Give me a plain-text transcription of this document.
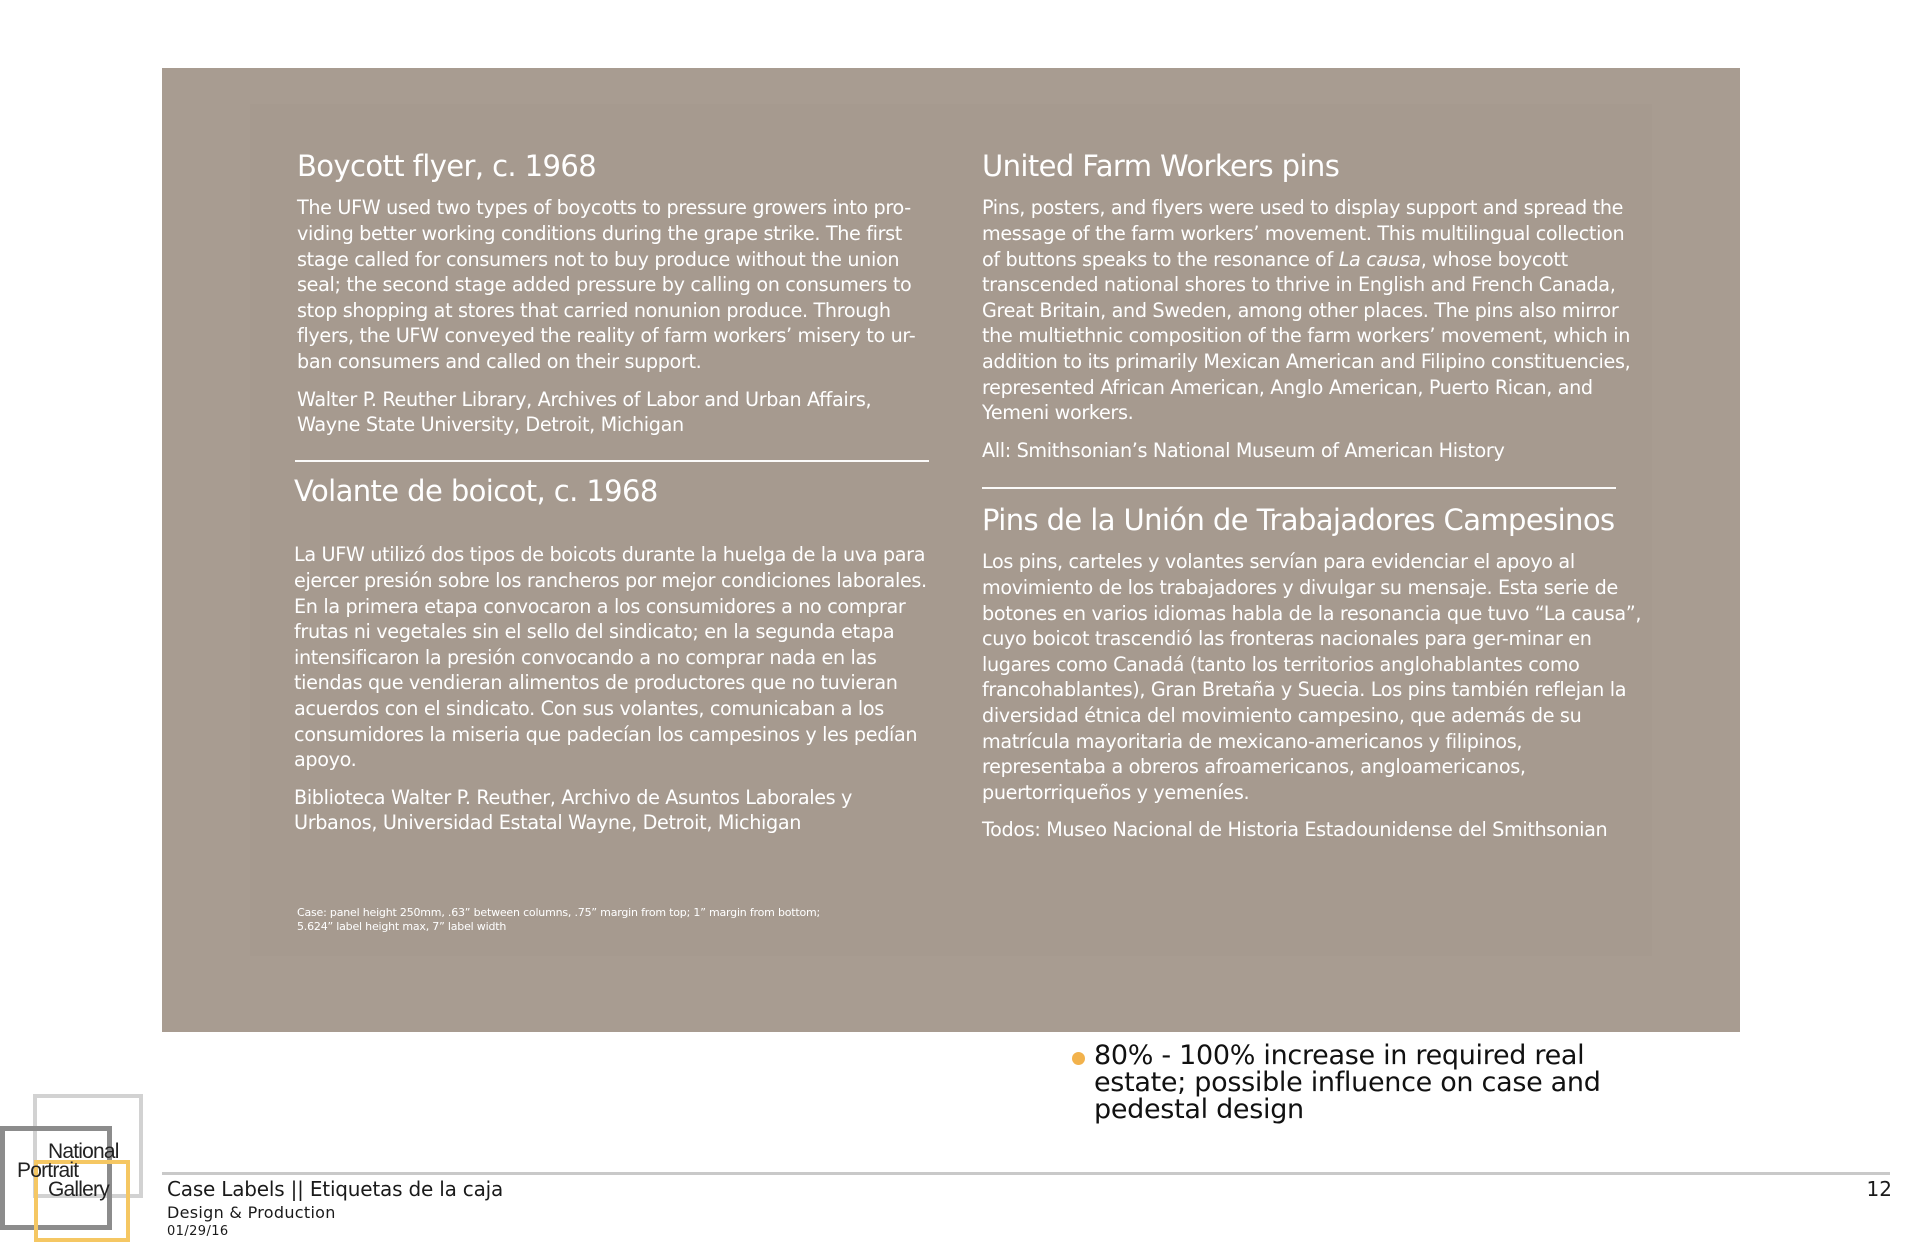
Boycott flyer, c. 1968

The UFW used two types of boycotts to pressure growers into pro-viding better working conditions during the grape strike. The first stage called for consumers not to buy produce without the union seal; the second stage added pressure by calling on consumers to stop shopping at stores that carried nonunion produce. Through flyers, the UFW conveyed the reality of farm workers’ misery to ur-ban consumers and called on their support.

Walter P. Reuther Library, Archives of Labor and Urban Affairs, Wayne State University, Detroit, Michigan

Volante de boicot, c. 1968

La UFW utilizó dos tipos de boicots durante la huelga de la uva para ejercer presión sobre los rancheros por mejor condiciones laborales. En la primera etapa convocaron a los consumidores a no comprar frutas ni vegetales sin el sello del sindicato; en la segunda etapa intensificaron la presión convocando a no comprar nada en las tiendas que vendieran alimentos de productores que no tuvieran acuerdos con el sindicato. Con sus volantes, comunicaban a los consumidores la miseria que padecían los campesinos y les pedían apoyo.

Biblioteca Walter P. Reuther, Archivo de Asuntos Laborales y Urbanos, Universidad Estatal Wayne, Detroit, Michigan

United Farm Workers pins

Pins, posters, and flyers were used to display support and spread the message of the farm workers’ movement. This multilingual collection of buttons speaks to the resonance of La causa, whose boycott transcended national shores to thrive in English and French Canada, Great Britain, and Sweden, among other places. The pins also mirror the multiethnic composition of the farm workers’ movement, which in addition to its primarily Mexican American and Filipino constituencies, represented African American, Anglo American, Puerto Rican, and Yemeni workers.

All: Smithsonian’s National Museum of American History

Pins de la Unión de Trabajadores Campesinos

Los pins, carteles y volantes servían para evidenciar el apoyo al movimiento de los trabajadores y divulgar su mensaje. Esta serie de botones en varios idiomas habla de la resonancia que tuvo “La causa”, cuyo boicot trascendió las fronteras nacionales para ger-minar en lugares como Canadá (tanto los territorios anglohablantes como francohablantes), Gran Bretaña y Suecia. Los pins también reflejan la diversidad étnica del movimiento campesino, que además de su matrícula mayoritaria de mexicano-americanos y filipinos, representaba a obreros afroamericanos, angloamericanos, puertorriqueños y yemeníes.

Todos: Museo Nacional de Historia Estadounidense del Smithsonian

Case: panel height 250mm, .63” between columns, .75” margin from top; 1” margin from bottom; 5.624” label height max, 7” label width
80% - 100% increase in required real estate; possible influence on case and pedestal design
National
Portrait
Gallery	Case Labels || Etiquetas de la caja
Design & Production
01/29/16
12
